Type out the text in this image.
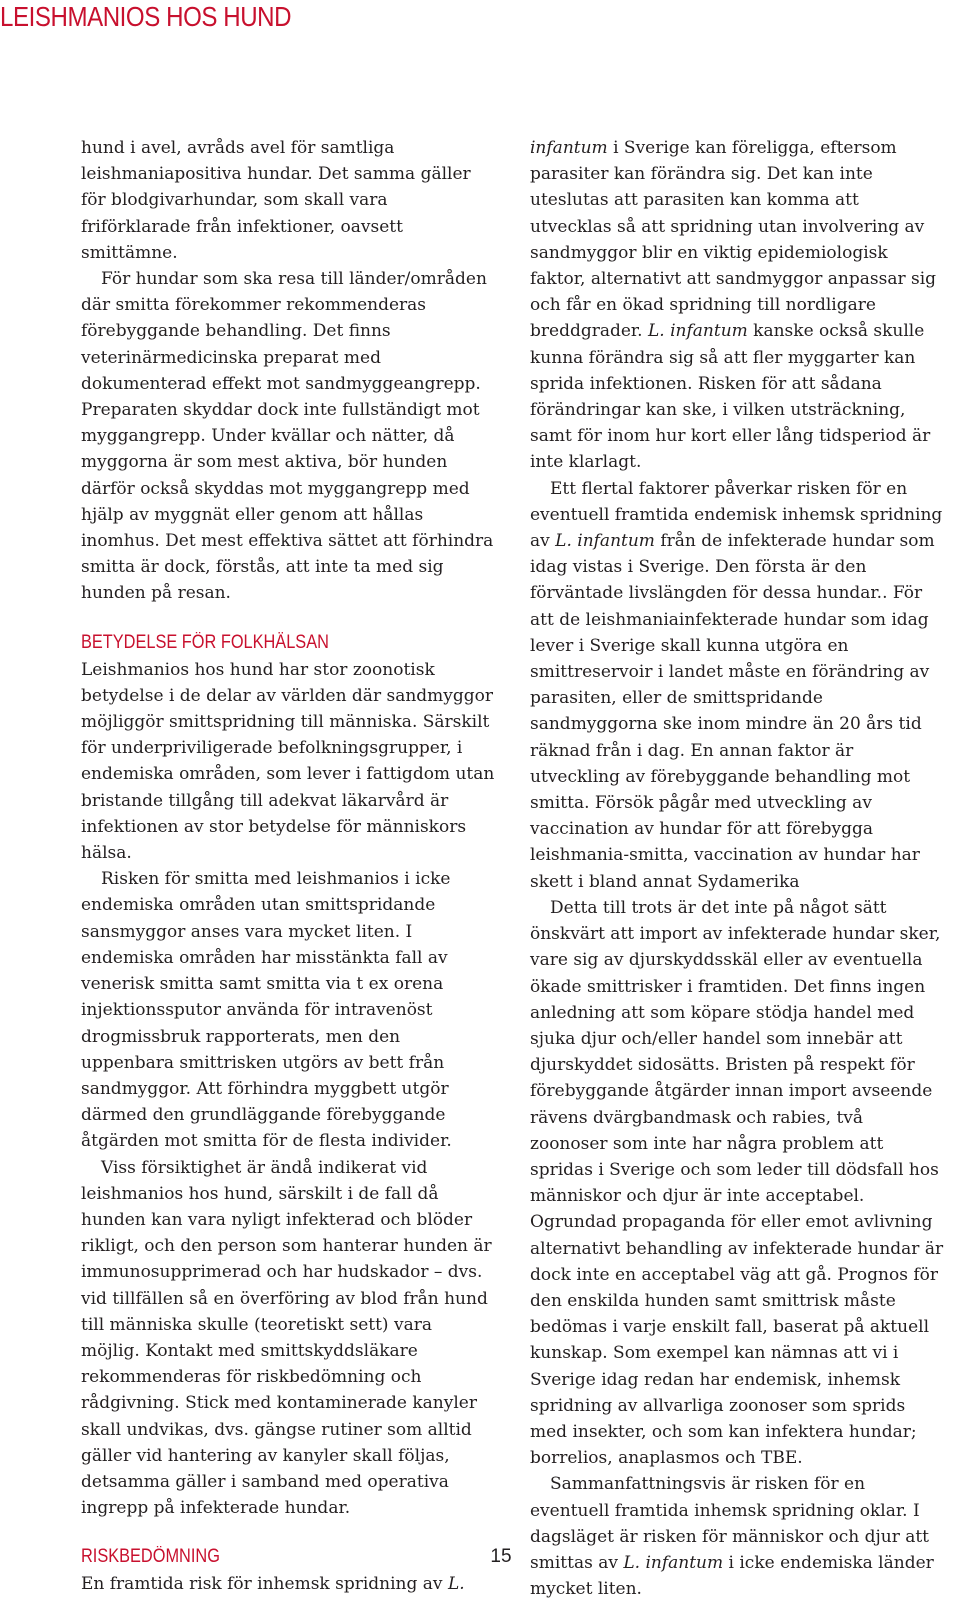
LEISHMANIOS HOS HUND

hund i avel, avråds avel för samtliga leishmaniapositiva hundar. Det samma gäller för blodgivarhundar, som skall vara friförklarade från infektioner, oavsett smittämne.

För hundar som ska resa till länder/områden där smitta förekommer rekommenderas förebyggande behandling. Det finns veterinärmedicinska preparat med dokumenterad effekt mot sandmyggeangrepp. Preparaten skyddar dock inte fullständigt mot myggangrepp. Under kvällar och nätter, då myggorna är som mest aktiva, bör hunden därför också skyddas mot myggangrepp med hjälp av myggnät eller genom att hållas inomhus. Det mest effektiva sättet att förhindra smitta är dock, förstås, att inte ta med sig hunden på resan.

BETYDELSE FÖR FOLKHÄLSAN

Leishmanios hos hund har stor zoonotisk betydelse i de delar av världen där sandmyggor möjliggör smittspridning till människa. Särskilt för underpriviligerade befolkningsgrupper, i endemiska områden, som lever i fattigdom utan bristande tillgång till adekvat läkarvård är infektionen av stor betydelse för människors hälsa.

Risken för smitta med leishmanios i icke endemiska områden utan smittspridande sansmyggor anses vara mycket liten. I endemiska områden har misstänkta fall av venerisk smitta samt smitta via t ex orena injektionssputor använda för intravenöst drogmissbruk rapporterats, men den uppenbara smittrisken utgörs av bett från sandmyggor. Att förhindra myggbett utgör därmed den grundläggande förebyggande åtgärden mot smitta för de flesta individer.

Viss försiktighet är ändå indikerat vid leishmanios hos hund, särskilt i de fall då hunden kan vara nyligt infekterad och blöder rikligt, och den person som hanterar hunden är immunosupprimerad och har hudskador – dvs. vid tillfällen så en överföring av blod från hund till människa skulle (teoretiskt sett) vara möjlig. Kontakt med smittskyddsläkare rekommenderas för riskbedömning och rådgivning. Stick med kontaminerade kanyler skall undvikas, dvs. gängse rutiner som alltid gäller vid hantering av kanyler skall följas, detsamma gäller i samband med operativa ingrepp på infekterade hundar.

RISKBEDÖMNING

En framtida risk för inhemsk spridning av L.

infantum i Sverige kan föreligga, eftersom parasiter kan förändra sig. Det kan inte uteslutas att parasiten kan komma att utvecklas så att spridning utan involvering av sandmyggor blir en viktig epidemiologisk faktor, alternativt att sandmyggor anpassar sig och får en ökad spridning till nordligare breddgrader. L. infantum kanske också skulle kunna förändra sig så att fler myggarter kan sprida infektionen. Risken för att sådana förändringar kan ske, i vilken utsträckning, samt för inom hur kort eller lång tidsperiod är inte klarlagt.

Ett flertal faktorer påverkar risken för en eventuell framtida endemisk inhemsk spridning av L. infantum från de infekterade hundar som idag vistas i Sverige. Den första är den förväntade livslängden för dessa hundar.. För att de leishmaniainfekterade hundar som idag lever i Sverige skall kunna utgöra en smittreservoir i landet måste en förändring av parasiten, eller de smittspridande sandmyggorna ske inom mindre än 20 års tid räknad från i dag. En annan faktor är utveckling av förebyggande behandling mot smitta. Försök pågår med utveckling av vaccination av hundar för att förebygga leishmania-smitta, vaccination av hundar har skett i bland annat Sydamerika

Detta till trots är det inte på något sätt önskvärt att import av infekterade hundar sker, vare sig av djurskyddsskäl eller av eventuella ökade smittrisker i framtiden. Det finns ingen anledning att som köpare stödja handel med sjuka djur och/eller handel som innebär att djurskyddet sidosätts. Bristen på respekt för förebyggande åtgärder innan import avseende rävens dvärgbandmask och rabies, två zoonoser som inte har några problem att spridas i Sverige och som leder till dödsfall hos människor och djur är inte acceptabel. Ogrundad propaganda för eller emot avlivning alternativt behandling av infekterade hundar är dock inte en acceptabel väg att gå. Prognos för den enskilda hunden samt smittrisk måste bedömas i varje enskilt fall, baserat på aktuell kunskap. Som exempel kan nämnas att vi i Sverige idag redan har endemisk, inhemsk spridning av allvarliga zoonoser som sprids med insekter, och som kan infektera hundar; borrelios, anaplasmos och TBE.

Sammanfattningsvis är risken för en eventuell framtida inhemsk spridning oklar. I dagsläget är risken för människor och djur att smittas av L. infantum i icke endemiska länder mycket liten.

15
